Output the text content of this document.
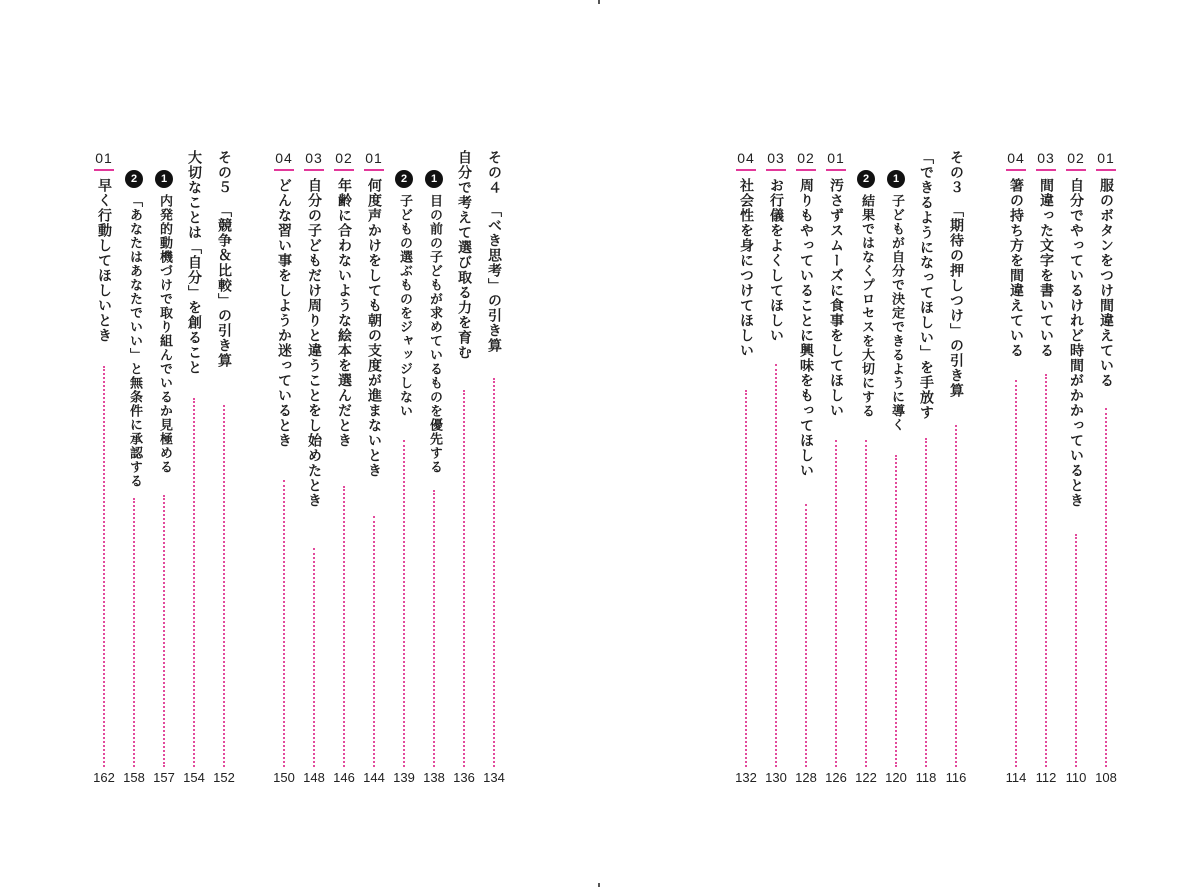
01
服のボタンをつけ間違えている
108
02
自分でやっているけれど時間がかかっているとき
110
03
間違った文字を書いている
112
04
箸の持ち方を間違えている
114
その３　「期待の押しつけ」の引き算
116
「できるようになってほしい」を手放す
118
1
子どもが自分で決定できるように導く
120
2
結果ではなくプロセスを大切にする
122
01
汚さずスムーズに食事をしてほしい
126
02
周りもやっていることに興味をもってほしい
128
03
お行儀をよくしてほしい
130
04
社会性を身につけてほしい
132
その４　「べき思考」の引き算
134
自分で考えて選び取る力を育む
136
1
目の前の子どもが求めているものを優先する
138
2
子どもの選ぶものをジャッジしない
139
01
何度声かけをしても朝の支度が進まないとき
144
02
年齢に合わないような絵本を選んだとき
146
03
自分の子どもだけ周りと違うことをし始めたとき
148
04
どんな習い事をしようか迷っているとき
150
その５　「競争＆比較」の引き算
152
大切なことは「自分」を創ること
154
1
内発的動機づけで取り組んでいるか見極める
157
2
「あなたはあなたでいい」と無条件に承認する
158
01
早く行動してほしいとき
162
